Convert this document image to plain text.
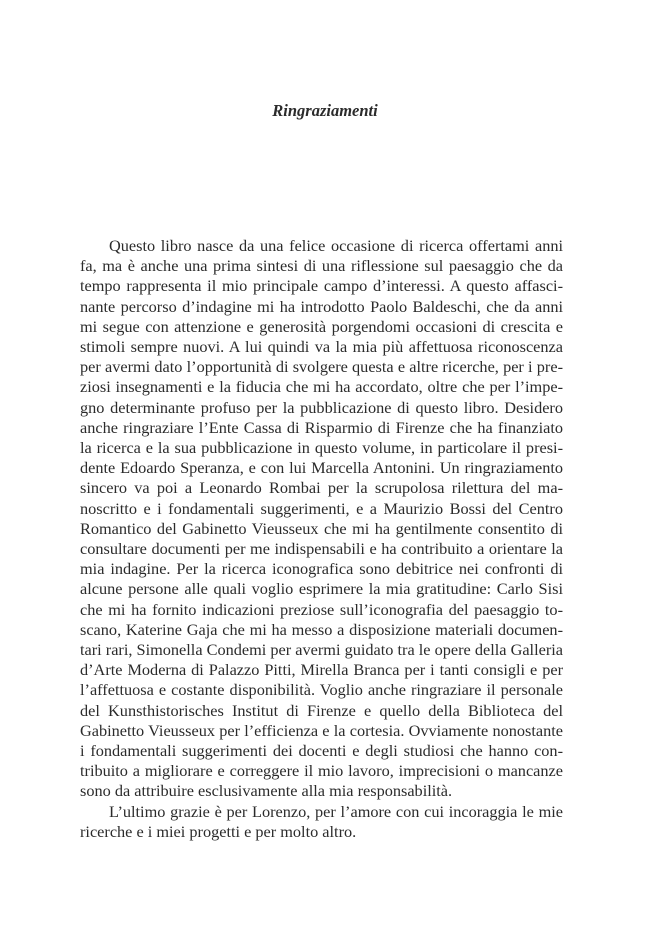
Ringraziamenti

Questo libro nasce da una felice occasione di ricerca offertami anni fa, ma è anche una prima sintesi di una riflessione sul paesaggio che da tempo rappresenta il mio principale campo d’interessi. A questo affascinante percorso d’indagine mi ha introdotto Paolo Baldeschi, che da anni mi segue con attenzione e generosità porgendomi occasioni di crescita e stimoli sempre nuovi. A lui quindi va la mia più affettuosa riconoscenza per avermi dato l’opportunità di svolgere questa e altre ricerche, per i preziosi insegnamenti e la fiducia che mi ha accordato, oltre che per l’impegno determinante profuso per la pubblicazione di questo libro. Desidero anche ringraziare l’Ente Cassa di Risparmio di Firenze che ha finanziato la ricerca e la sua pubblicazione in questo volume, in particolare il presidente Edoardo Speranza, e con lui Marcella Antonini. Un ringraziamento sincero va poi a Leonardo Rombai per la scrupolosa rilettura del manoscritto e i fondamentali suggerimenti, e a Maurizio Bossi del Centro Romantico del Gabinetto Vieusseux che mi ha gentilmente consentito di consultare documenti per me indispensabili e ha contribuito a orientare la mia indagine. Per la ricerca iconografica sono debitrice nei confronti di alcune persone alle quali voglio esprimere la mia gratitudine: Carlo Sisi che mi ha fornito indicazioni preziose sull’iconografia del paesaggio toscano, Katerine Gaja che mi ha messo a disposizione materiali documentari rari, Simonella Condemi per avermi guidato tra le opere della Galleria d’Arte Moderna di Palazzo Pitti, Mirella Branca per i tanti consigli e per l’affettuosa e costante disponibilità. Voglio anche ringraziare il personale del Kunsthistorisches Institut di Firenze e quello della Biblioteca del Gabinetto Vieusseux per l’efficienza e la cortesia. Ovviamente nonostante i fondamentali suggerimenti dei docenti e degli studiosi che hanno contribuito a migliorare e correggere il mio lavoro, imprecisioni o mancanze sono da attribuire esclusivamente alla mia responsabilità.

L’ultimo grazie è per Lorenzo, per l’amore con cui incoraggia le mie ricerche e i miei progetti e per molto altro.
